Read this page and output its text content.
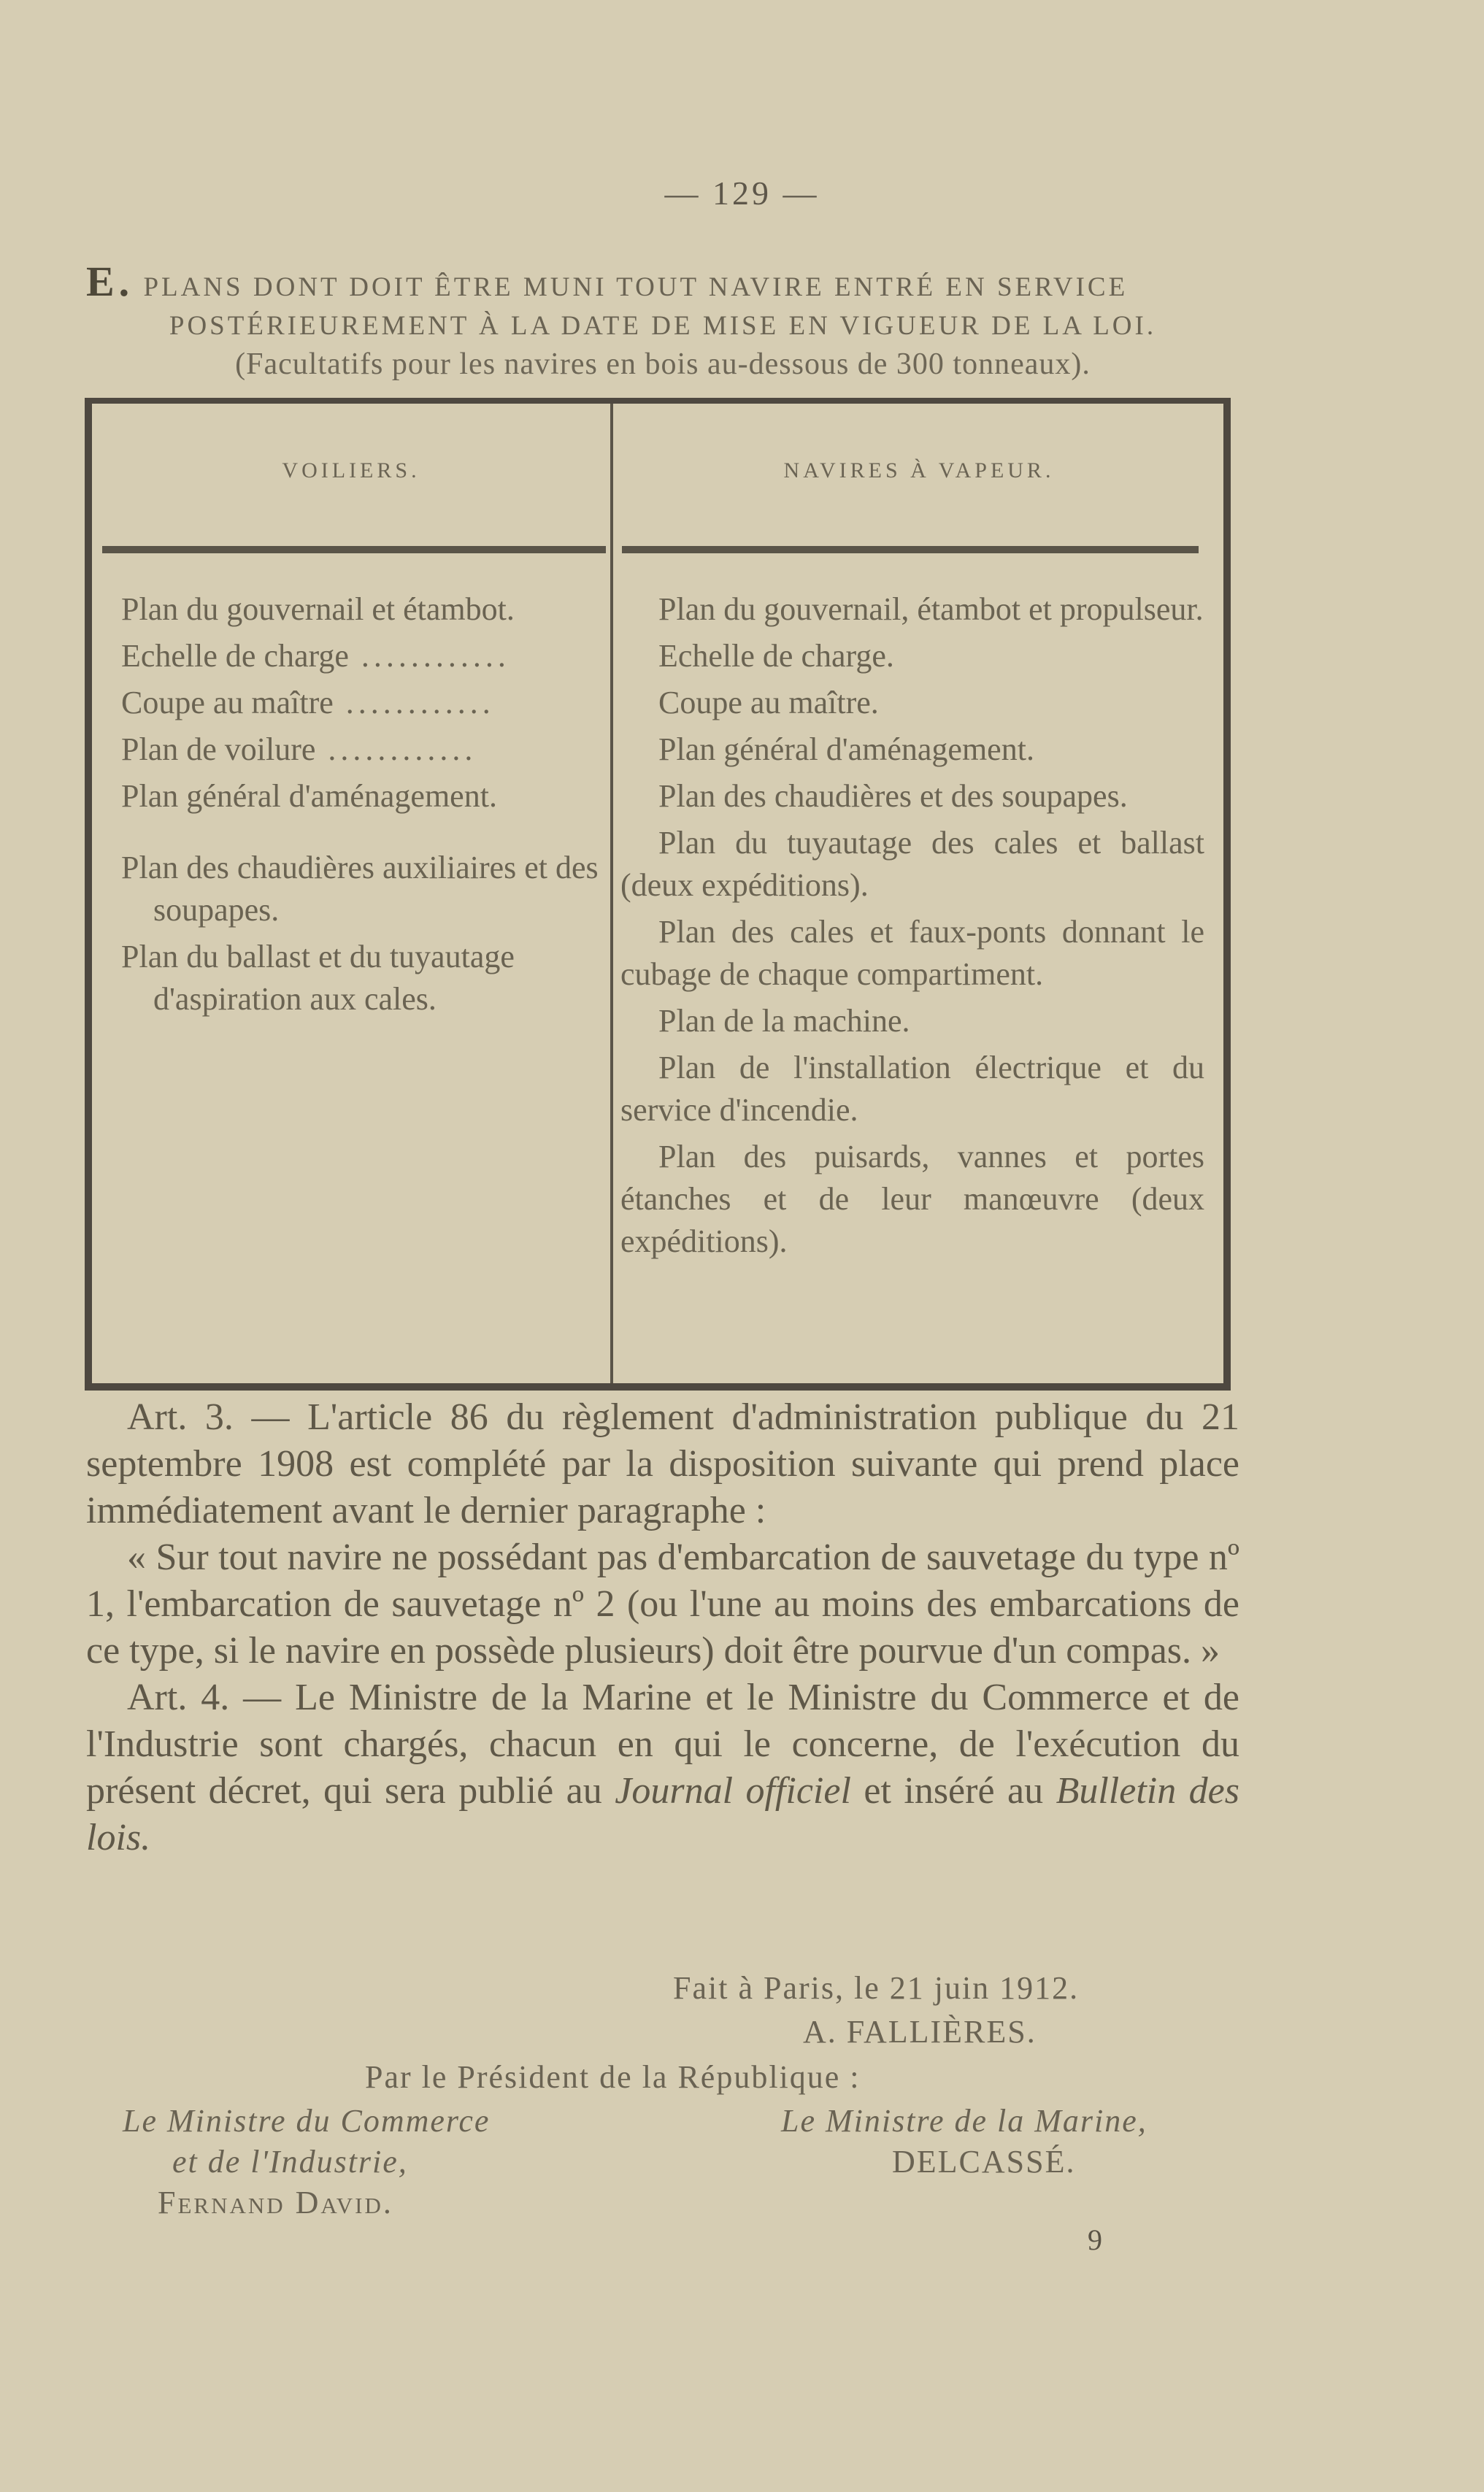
— 129 —
E. PLANS DONT DOIT ÊTRE MUNI TOUT NAVIRE ENTRÉ EN SERVICE
POSTÉRIEUREMENT À LA DATE DE MISE EN VIGUEUR DE LA LOI.
(Facultatifs pour les navires en bois au-dessous de 300 tonneaux).
VOILIERS.	NAVIRES À VAPEUR.
Plan du gouvernail et étambot.
Echelle de charge .....
Coupe au maître .....
Plan de voilure .....
Plan général d'aménagement.
Plan des chaudières auxiliaires et des soupapes.
Plan du ballast et du tuyautage d'aspiration aux cales.
Plan du gouvernail, étambot et propulseur.
Echelle de charge.
Coupe au maître.
Plan général d'aménagement.
Plan des chaudières et des soupapes.
Plan du tuyautage des cales et ballast (deux expéditions).
Plan des cales et faux-ponts donnant le cubage de chaque compartiment.
Plan de la machine.
Plan de l'installation électrique et du service d'incendie.
Plan des puisards, vannes et portes étanches et de leur manœuvre (deux expéditions).

Art. 3. — L'article 86 du règlement d'administration publique du 21 septembre 1908 est complété par la disposition suivante qui prend place immédiatement avant le dernier paragraphe :

« Sur tout navire ne possédant pas d'embarcation de sauvetage du type nº 1, l'embarcation de sauvetage nº 2 (ou l'une au moins des embarcations de ce type, si le navire en possède plusieurs) doit être pourvue d'un compas. »

Art. 4. — Le Ministre de la Marine et le Ministre du Commerce et de l'Industrie sont chargés, chacun en qui le concerne, de l'exécution du présent décret, qui sera publié au Journal officiel et inséré au Bulletin des lois.

Fait à Paris, le 21 juin 1912.
A. FALLIÈRES.
Par le Président de la République :
Le Ministre du Commerce
et de l'Industrie,
Fernand David.
Le Ministre de la Marine,
DELCASSÉ.
9
